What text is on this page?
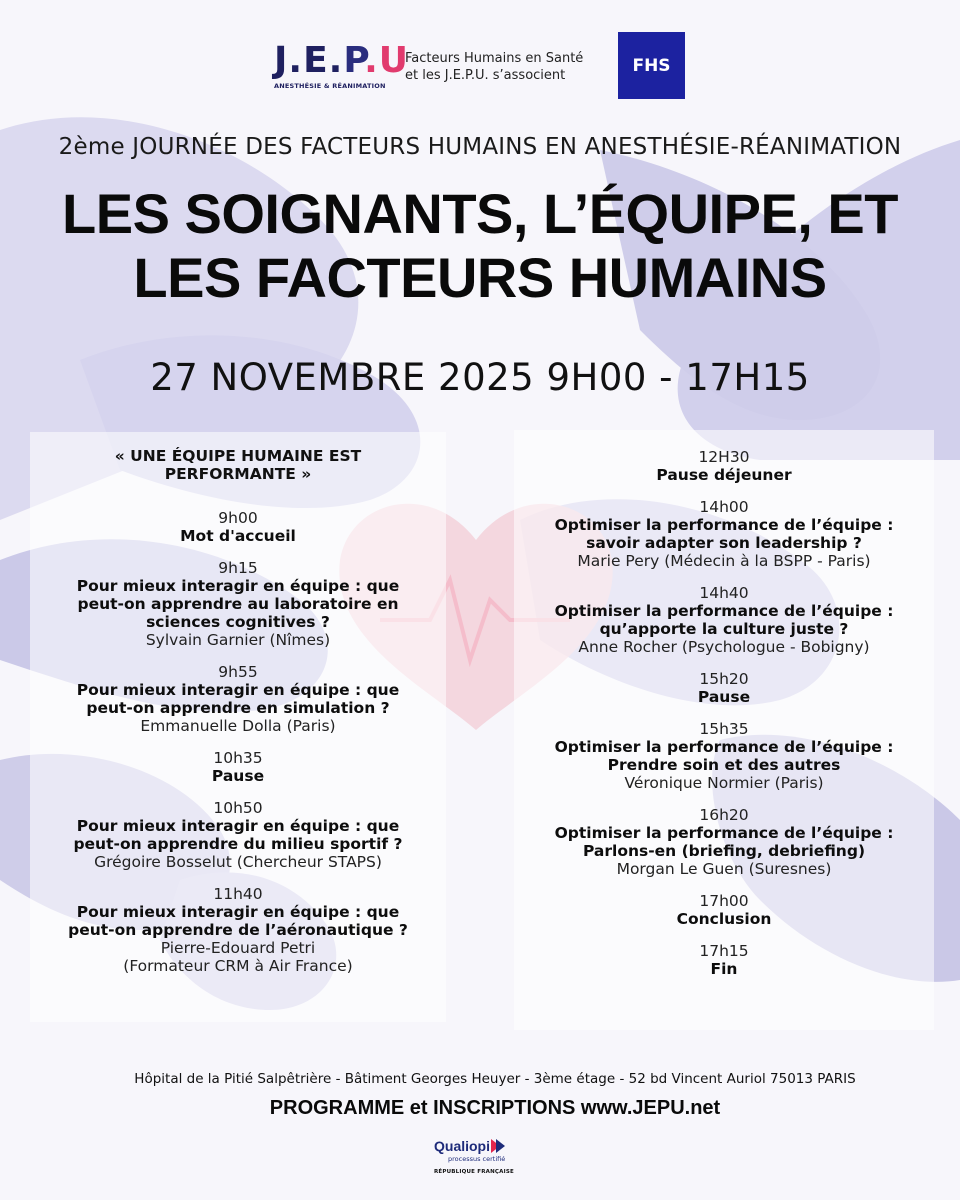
J.E.P.U
ANESTHÉSIE & RÉANIMATION
Facteurs Humains en Santé
et les J.E.P.U. s’associent	FHS
2ème JOURNÉE DES FACTEURS HUMAINS EN ANESTHÉSIE-RÉANIMATION
LES SOIGNANTS, L’ÉQUIPE, ET
LES FACTEURS HUMAINS
27 NOVEMBRE 2025 9H00 - 17H15
« UNE ÉQUIPE HUMAINE EST
PERFORMANTE »
9h00
Mot d'accueil
9h15
Pour mieux interagir en équipe : que
peut-on apprendre au laboratoire en
sciences cognitives ?
Sylvain Garnier (Nîmes)
9h55
Pour mieux interagir en équipe : que
peut-on apprendre en simulation ?
Emmanuelle Dolla (Paris)
10h35
Pause
10h50
Pour mieux interagir en équipe : que
peut-on apprendre du milieu sportif ?
Grégoire Bosselut (Chercheur STAPS)
11h40
Pour mieux interagir en équipe : que
peut-on apprendre de l’aéronautique ?
Pierre-Edouard Petri
(Formateur CRM à Air France)
12H30
Pause déjeuner
14h00
Optimiser la performance de l’équipe :
savoir adapter son leadership ?
Marie Pery (Médecin à la BSPP - Paris)
14h40
Optimiser la performance de l’équipe :
qu’apporte la culture juste ?
Anne Rocher (Psychologue - Bobigny)
15h20
Pause
15h35
Optimiser la performance de l’équipe :
Prendre soin et des autres
Véronique Normier (Paris)
16h20
Optimiser la performance de l’équipe :
Parlons-en (briefing, debriefing)
Morgan Le Guen (Suresnes)
17h00
Conclusion
17h15
Fin
Hôpital de la Pitié Salpêtrière - Bâtiment Georges Heuyer - 3ème étage - 52 bd Vincent Auriol 75013 PARIS
PROGRAMME et INSCRIPTIONS www.JEPU.net
Qualiopi
processus certifié
RÉPUBLIQUE FRANÇAISE
